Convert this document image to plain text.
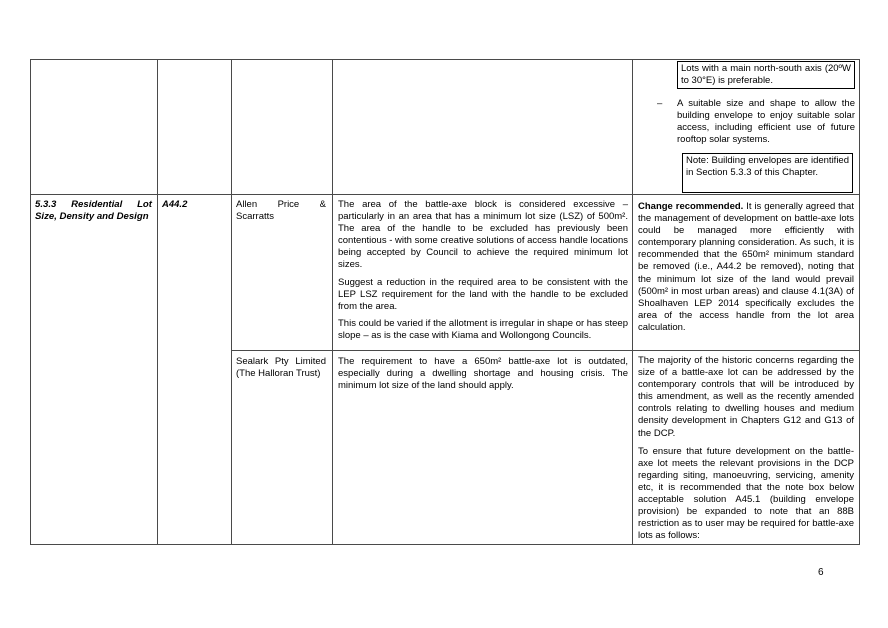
Lots with a main north-south axis (20ºW to 30°E) is preferable.
– A suitable size and shape to allow the building envelope to enjoy suitable solar access, including efficient use of future rooftop solar systems.
Note: Building envelopes are identified in Section 5.3.3 of this Chapter.
5.3.3 Residential Lot Size, Density and Design
A44.2	Allen Price & Scarratts

The area of the battle-axe block is considered excessive – particularly in an area that has a minimum lot size (LSZ) of 500m². The area of the handle to be excluded has previously been contentious - with some creative solutions of access handle locations being accepted by Council to achieve the required minimum lot sizes.

Suggest a reduction in the required area to be consistent with the LEP LSZ requirement for the land with the handle to be excluded from the area.

This could be varied if the allotment is irregular in shape or has steep slope – as is the case with Kiama and Wollongong Councils.

Change recommended. It is generally agreed that the management of development on battle-axe lots could be managed more efficiently with contemporary planning consideration. As such, it is recommended that the 650m² minimum standard be removed (i.e., A44.2 be removed), noting that the minimum lot size of the land would prevail (500m² in most urban areas) and clause 4.1(3A) of Shoalhaven LEP 2014 specifically excludes the area of the access handle from the lot area calculation.
Sealark Pty Limited (The Halloran Trust)
The requirement to have a 650m² battle-axe lot is outdated, especially during a dwelling shortage and housing crisis. The minimum lot size of the land should apply.

The majority of the historic concerns regarding the size of a battle-axe lot can be addressed by the contemporary controls that will be introduced by this amendment, as well as the recently amended controls relating to dwelling houses and medium density development in Chapters G12 and G13 of the DCP.

To ensure that future development on the battle-axe lot meets the relevant provisions in the DCP regarding siting, manoeuvring, servicing, amenity etc, it is recommended that the note box below acceptable solution A45.1 (building envelope provision) be expanded to note that an 88B restriction as to user may be required for battle-axe lots as follows:

6
